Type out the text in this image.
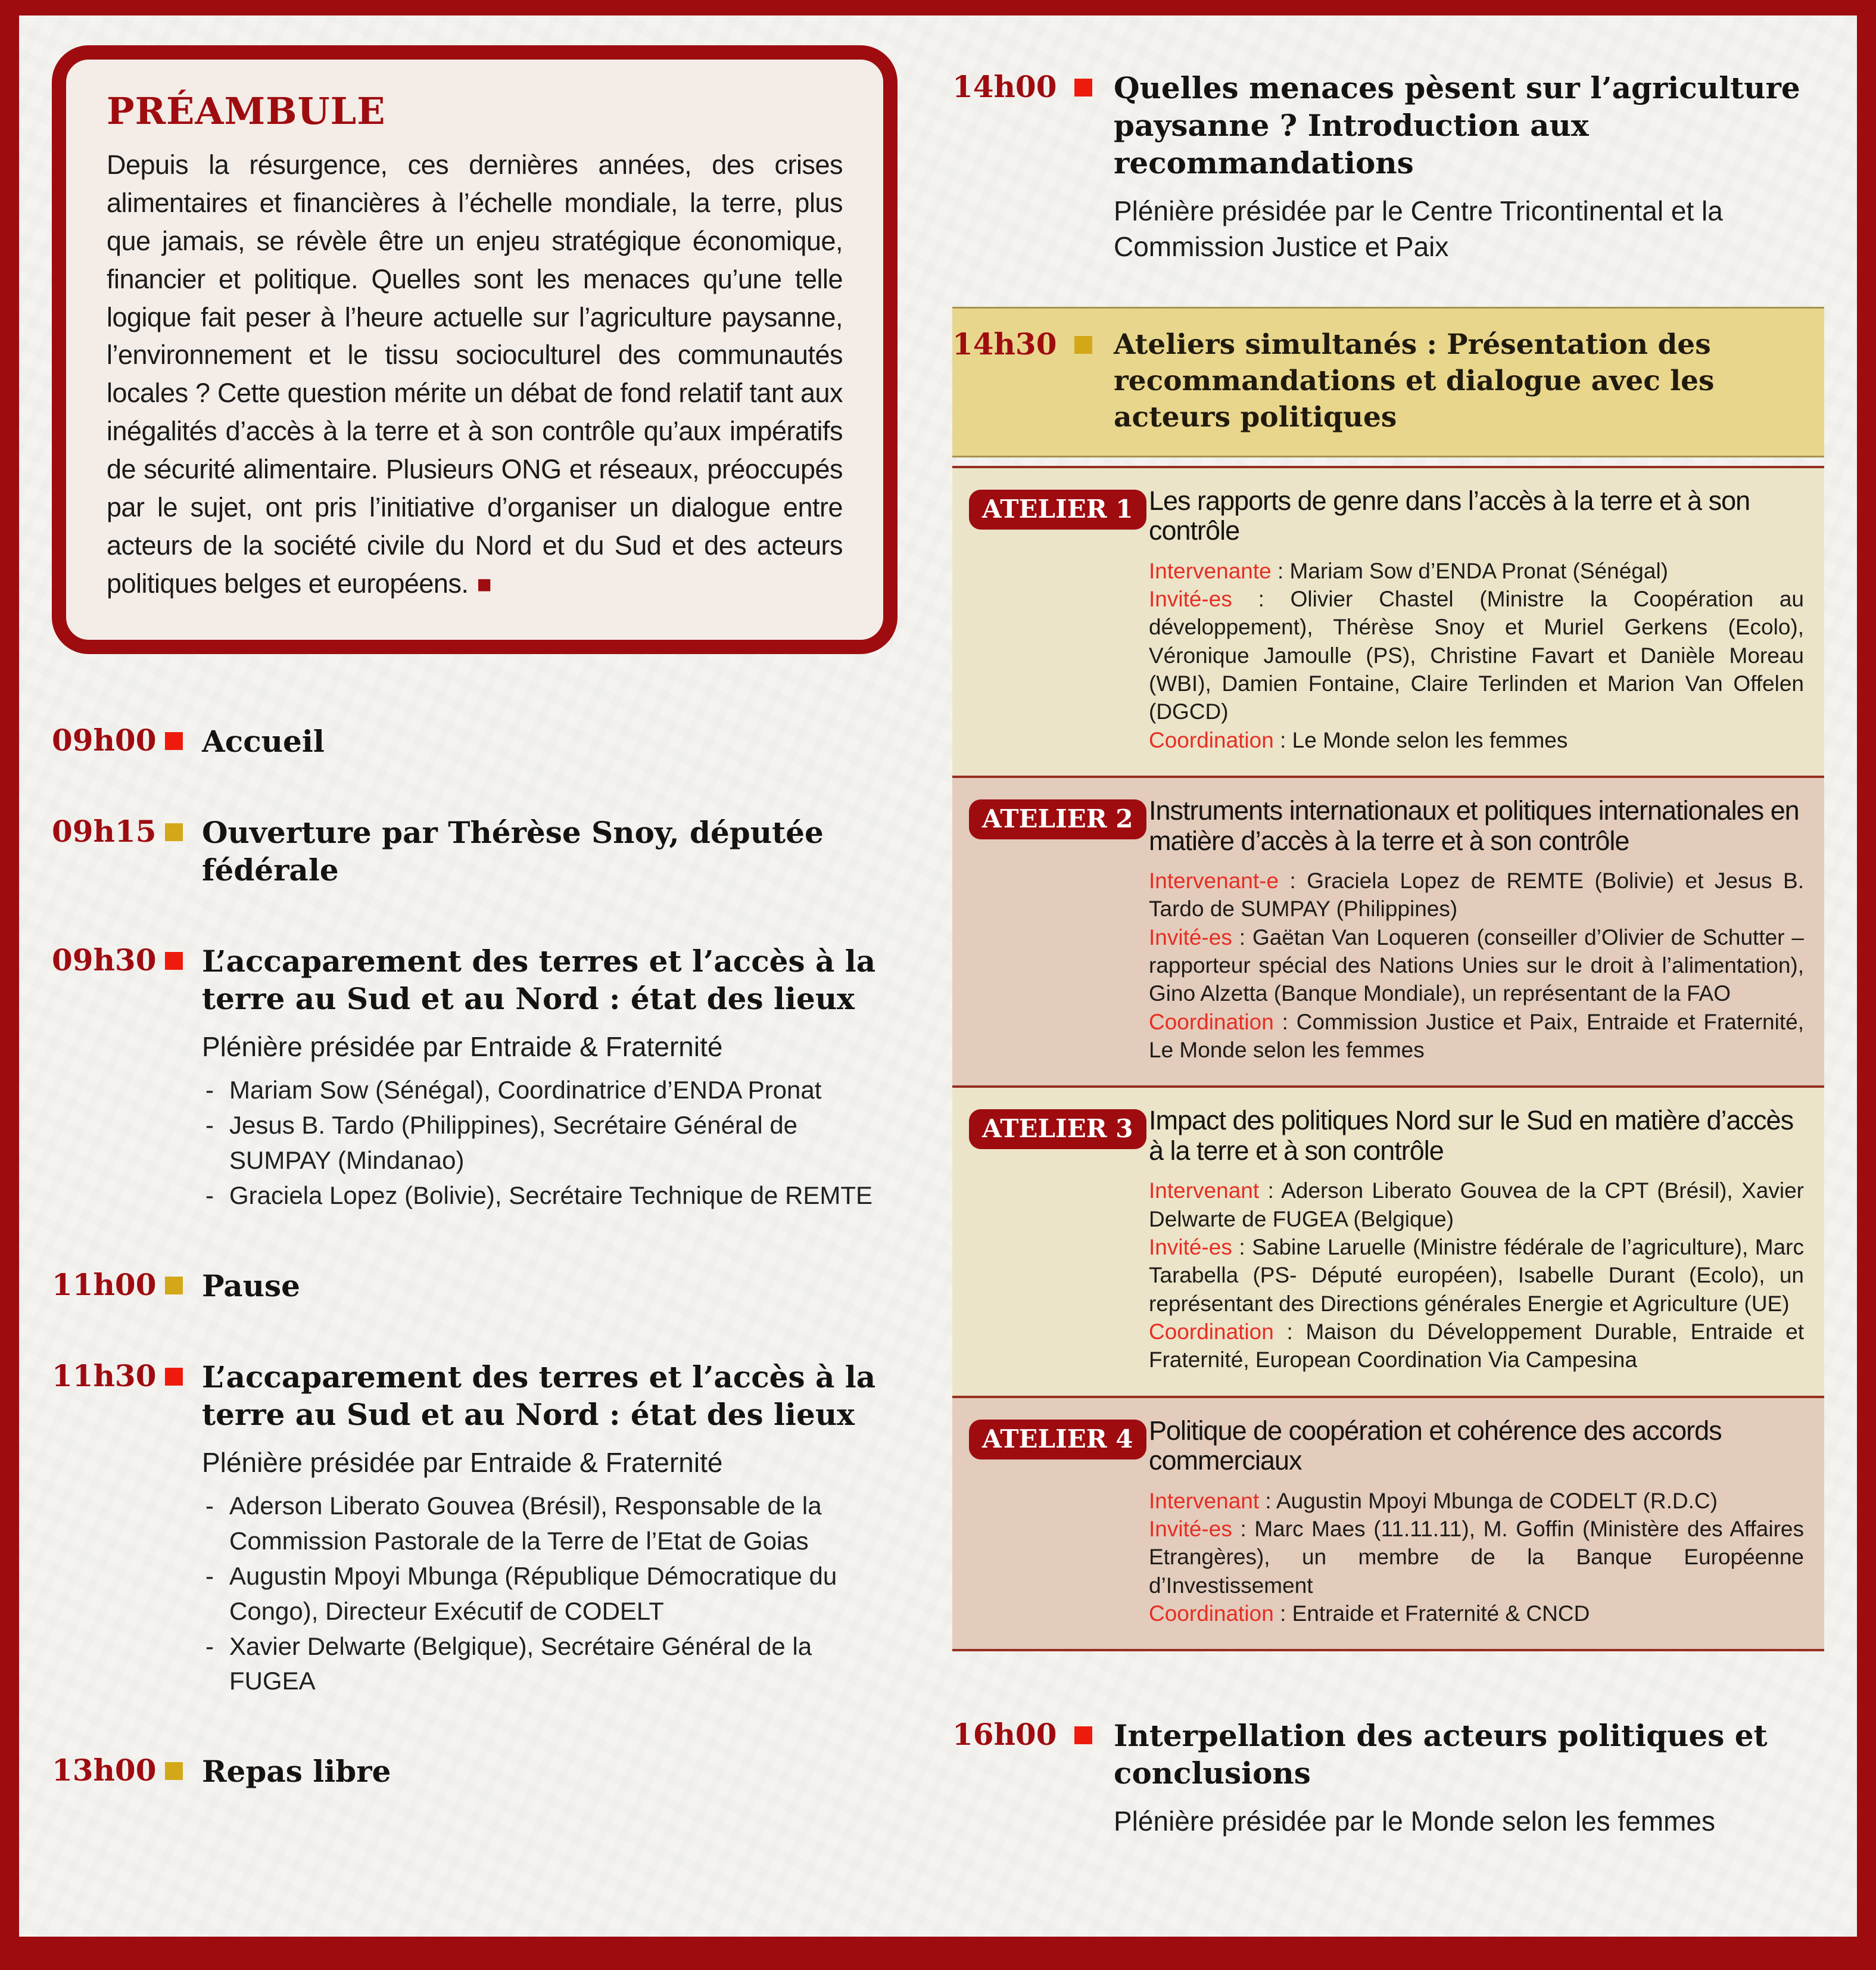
PRÉAMBULE

Depuis la résurgence, ces dernières années, des crises alimentaires et financières à l’échelle mondiale, la terre, plus que jamais, se révèle être un enjeu stratégique économique, financier et politique. Quelles sont les menaces qu’une telle logique fait peser à l’heure actuelle sur l’agriculture paysanne, l’environnement et le tissu socioculturel des communautés locales ? Cette question mérite un débat de fond relatif tant aux inégalités d’accès à la terre et à son contrôle qu’aux impératifs de sécurité alimentaire. Plusieurs ONG et réseaux, préoccupés par le sujet, ont pris l’initiative d’organiser un dialogue entre acteurs de la société civile du Nord et du Sud et des acteurs politiques belges et européens. ■

09h00 Accueil
09h15 Ouverture par Thérèse Snoy, députée fédérale
09h30 L’accaparement des terres et l’accès à la terre au Sud et au Nord : état des lieux

Plénière présidée par Entraide & Fraternité

- Mariam Sow (Sénégal), Coordinatrice d’ENDA Pronat
- Jesus B. Tardo (Philippines), Secrétaire Général de SUMPAY (Mindanao)
- Graciela Lopez (Bolivie), Secrétaire Technique de REMTE
11h00 Pause
11h30 L’accaparement des terres et l’accès à la terre au Sud et au Nord : état des lieux

Plénière présidée par Entraide & Fraternité

- Aderson Liberato Gouvea (Brésil), Responsable de la Commission Pastorale de la Terre de l’Etat de Goias
- Augustin Mpoyi Mbunga (République Démocratique du Congo), Directeur Exécutif de CODELT
- Xavier Delwarte (Belgique), Secrétaire Général de la FUGEA
13h00 Repas libre
14h00	Quelles menaces pèsent sur l’agriculture paysanne ? Introduction aux recommandations

Plénière présidée par le Centre Tricontinental et la Commission Justice et Paix

14h30	Ateliers simultanés : Présentation des recommandations et dialogue avec les acteurs politiques
ATELIER 1 Les rapports de genre dans l’accès à la terre et à son contrôle

Intervenante : Mariam Sow d’ENDA Pronat (Sénégal)

Invité-es : Olivier Chastel (Ministre la Coopération au développement), Thérèse Snoy et Muriel Gerkens (Ecolo), Véronique Jamoulle (PS), Christine Favart et Danièle Moreau (WBI), Damien Fontaine, Claire Terlinden et Marion Van Offelen (DGCD)

Coordination : Le Monde selon les femmes

ATELIER 2 Instruments internationaux et politiques internationales en matière d’accès à la terre et à son contrôle

Intervenant-e : Graciela Lopez de REMTE (Bolivie) et Jesus B. Tardo de SUMPAY (Philippines)

Invité-es : Gaëtan Van Loqueren (conseiller d’Olivier de Schutter – rapporteur spécial des Nations Unies sur le droit à l’alimentation), Gino Alzetta (Banque Mondiale), un représentant de la FAO

Coordination : Commission Justice et Paix, Entraide et Fraternité, Le Monde selon les femmes

ATELIER 3 Impact des politiques Nord sur le Sud en matière d’accès à la terre et à son contrôle

Intervenant : Aderson Liberato Gouvea de la CPT (Brésil), Xavier Delwarte de FUGEA (Belgique)

Invité-es : Sabine Laruelle (Ministre fédérale de l’agriculture), Marc Tarabella (PS- Député européen), Isabelle Durant (Ecolo), un représentant des Directions générales Energie et Agriculture (UE)

Coordination : Maison du Développement Durable, Entraide et Fraternité, European Coordination Via Campesina

ATELIER 4 Politique de coopération et cohérence des accords commerciaux

Intervenant : Augustin Mpoyi Mbunga de CODELT (R.D.C)

Invité-es : Marc Maes (11.11.11), M. Goffin (Ministère des Affaires Etrangères), un membre de la Banque Européenne d’Investissement

Coordination : Entraide et Fraternité & CNCD

16h00	Interpellation des acteurs politiques et conclusions

Plénière présidée par le Monde selon les femmes
